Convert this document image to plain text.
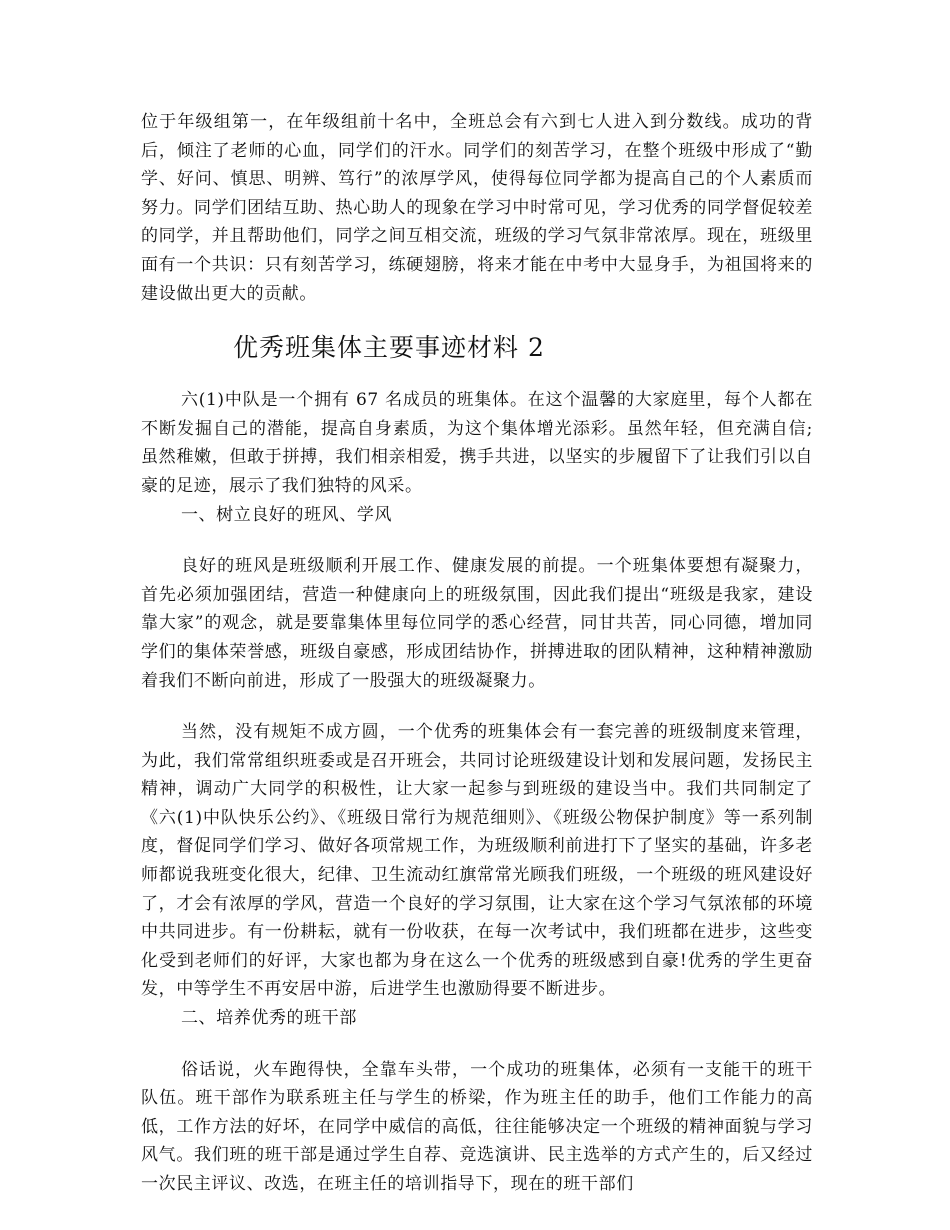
位于年级组第一，在年级组前十名中，全班总会有六到七人进入到分数线。成功的背后，倾注了老师的心血，同学们的汗水。同学们的刻苦学习，在整个班级中形成了“勤学、好问、慎思、明辨、笃行”的浓厚学风，使得每位同学都为提高自己的个人素质而努力。同学们团结互助、热心助人的现象在学习中时常可见，学习优秀的同学督促较差的同学，并且帮助他们，同学之间互相交流，班级的学习气氛非常浓厚。现在，班级里面有一个共识：只有刻苦学习，练硬翅膀，将来才能在中考中大显身手，为祖国将来的建设做出更大的贡献。

优秀班集体主要事迹材料 2

六(1)中队是一个拥有 67 名成员的班集体。在这个温馨的大家庭里，每个人都在不断发掘自己的潜能，提高自身素质，为这个集体增光添彩。虽然年轻，但充满自信;虽然稚嫩，但敢于拼搏，我们相亲相爱，携手共进，以坚实的步履留下了让我们引以自豪的足迹，展示了我们独特的风采。

一、树立良好的班风、学风

良好的班风是班级顺利开展工作、健康发展的前提。一个班集体要想有凝聚力，首先必须加强团结，营造一种健康向上的班级氛围，因此我们提出“班级是我家，建设靠大家”的观念，就是要靠集体里每位同学的悉心经营，同甘共苦，同心同德，增加同学们的集体荣誉感，班级自豪感，形成团结协作，拼搏进取的团队精神，这种精神激励着我们不断向前进，形成了一股强大的班级凝聚力。

当然，没有规矩不成方圆，一个优秀的班集体会有一套完善的班级制度来管理，为此，我们常常组织班委或是召开班会，共同讨论班级建设计划和发展问题，发扬民主精神，调动广大同学的积极性，让大家一起参与到班级的建设当中。我们共同制定了《六(1)中队快乐公约》、《班级日常行为规范细则》、《班级公物保护制度》等一系列制度，督促同学们学习、做好各项常规工作，为班级顺利前进打下了坚实的基础，许多老师都说我班变化很大，纪律、卫生流动红旗常常光顾我们班级，一个班级的班风建设好了，才会有浓厚的学风，营造一个良好的学习氛围，让大家在这个学习气氛浓郁的环境中共同进步。有一份耕耘，就有一份收获，在每一次考试中，我们班都在进步，这些变化受到老师们的好评，大家也都为身在这么一个优秀的班级感到自豪!优秀的学生更奋发，中等学生不再安居中游，后进学生也激励得要不断进步。

二、培养优秀的班干部

俗话说，火车跑得快，全靠车头带，一个成功的班集体，必须有一支能干的班干队伍。班干部作为联系班主任与学生的桥梁，作为班主任的助手，他们工作能力的高低，工作方法的好坏，在同学中威信的高低，往往能够决定一个班级的精神面貌与学习风气。我们班的班干部是通过学生自荐、竞选演讲、民主选举的方式产生的，后又经过一次民主评议、改选，在班主任的培训指导下，现在的班干部们
